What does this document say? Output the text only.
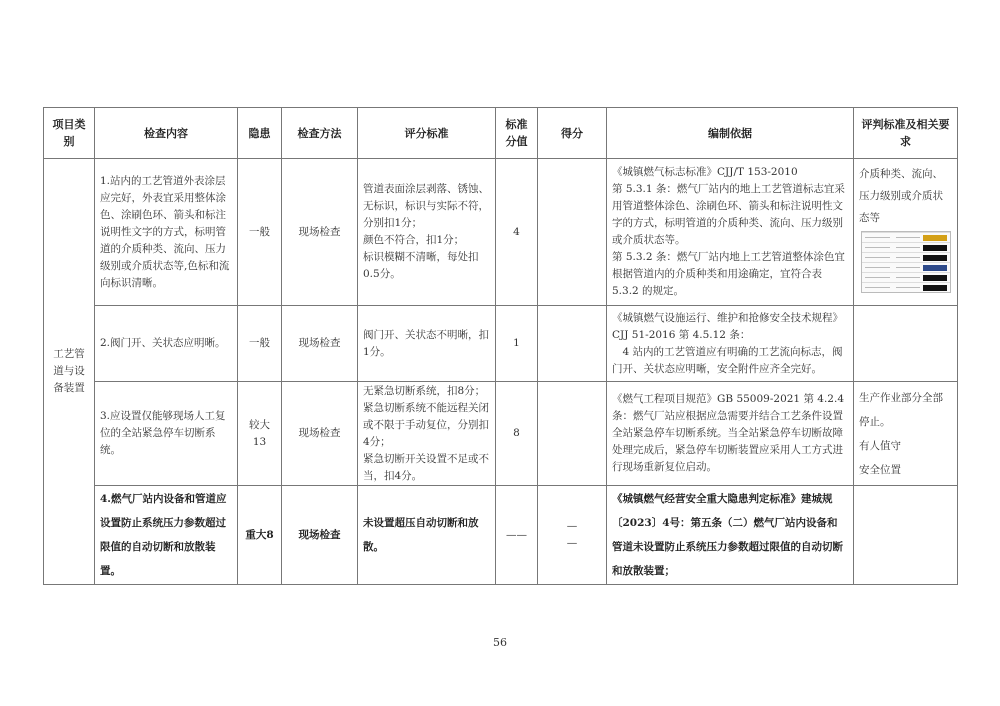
项目类别	检查内容	隐患	检查方法	评分标准	标准分值	得分	编制依据	评判标准及相关要求
工艺管道与设备装置	1.站内的工艺管道外表涂层应完好，外表宜采用整体涂色、涂刷色环、箭头和标注说明性文字的方式，标明管道的介质种类、流向、压力级别或介质状态等,色标和流向标识清晰。	一般	现场检查	管道表面涂层剥落、锈蚀、无标识，标识与实际不符，分别扣1分；
颜色不符合，扣1分；
标识模糊不清晰，每处扣0.5分。	4		《城镇燃气标志标准》CJJ/T 153-2010
第 5.3.1 条：燃气厂站内的地上工艺管道标志宜采用管道整体涂色、涂刷色环、箭头和标注说明性文字的方式，标明管道的介质种类、流向、压力级别或介质状态等。
第 5.3.2 条：燃气厂站内地上工艺管道整体涂色宜根据管道内的介质种类和用途确定，宜符合表 5.3.2 的规定。	介质种类、流向、压力级别或介质状态等

	2.阀门开、关状态应明晰。	一般	现场检查	阀门开、关状态不明晰，扣1分。	1		《城镇燃气设施运行、维护和抢修安全技术规程》CJJ 51-2016 第 4.5.12 条：
　4 站内的工艺管道应有明确的工艺流向标志，阀门开、关状态应明晰，安全附件应齐全完好。	
	3.应设置仅能够现场人工复位的全站紧急停车切断系统。	较大13	现场检查	无紧急切断系统，扣8分；
紧急切断系统不能远程关闭或不限于手动复位，分别扣4分；
紧急切断开关设置不足或不当，扣4分。	8		《燃气工程项目规范》GB 55009-2021 第 4.2.4 条：燃气厂站应根据应急需要并结合工艺条件设置全站紧急停车切断系统。当全站紧急停车切断故障处理完成后，紧急停车切断装置应采用人工方式进行现场重新复位启动。	生产作业部分全部停止。
有人值守
安全位置
	4.燃气厂站内设备和管道应设置防止系统压力参数超过限值的自动切断和放散装置。	重大8	现场检查	未设置超压自动切断和放散。	——	—
—	《城镇燃气经营安全重大隐患判定标准》建城规〔2023〕4号：第五条（二）燃气厂站内设备和管道未设置防止系统压力参数超过限值的自动切断和放散装置；	
56
